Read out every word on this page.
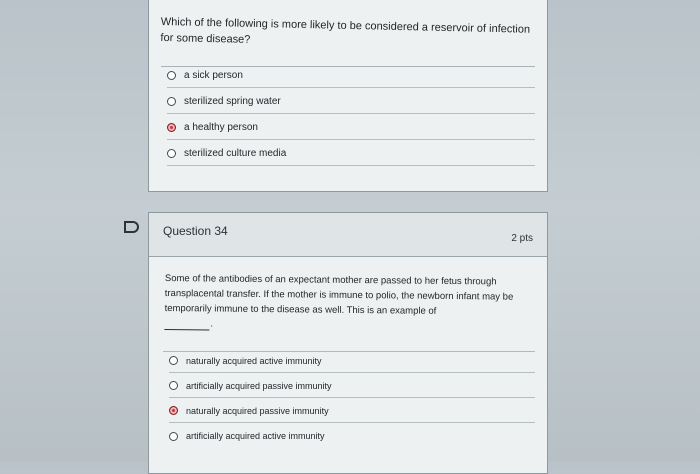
Which of the following is more likely to be considered a reservoir of infection for some disease?
a sick person
sterilized spring water
a healthy person
sterilized culture media
Question 34
2 pts
Some of the antibodies of an expectant mother are passed to her fetus through transplacental transfer. If the mother is immune to polio, the newborn infant may be temporarily immune to the disease as well. This is an example of
.
naturally acquired active immunity
artificially acquired passive immunity
naturally acquired passive immunity
artificially acquired active immunity
